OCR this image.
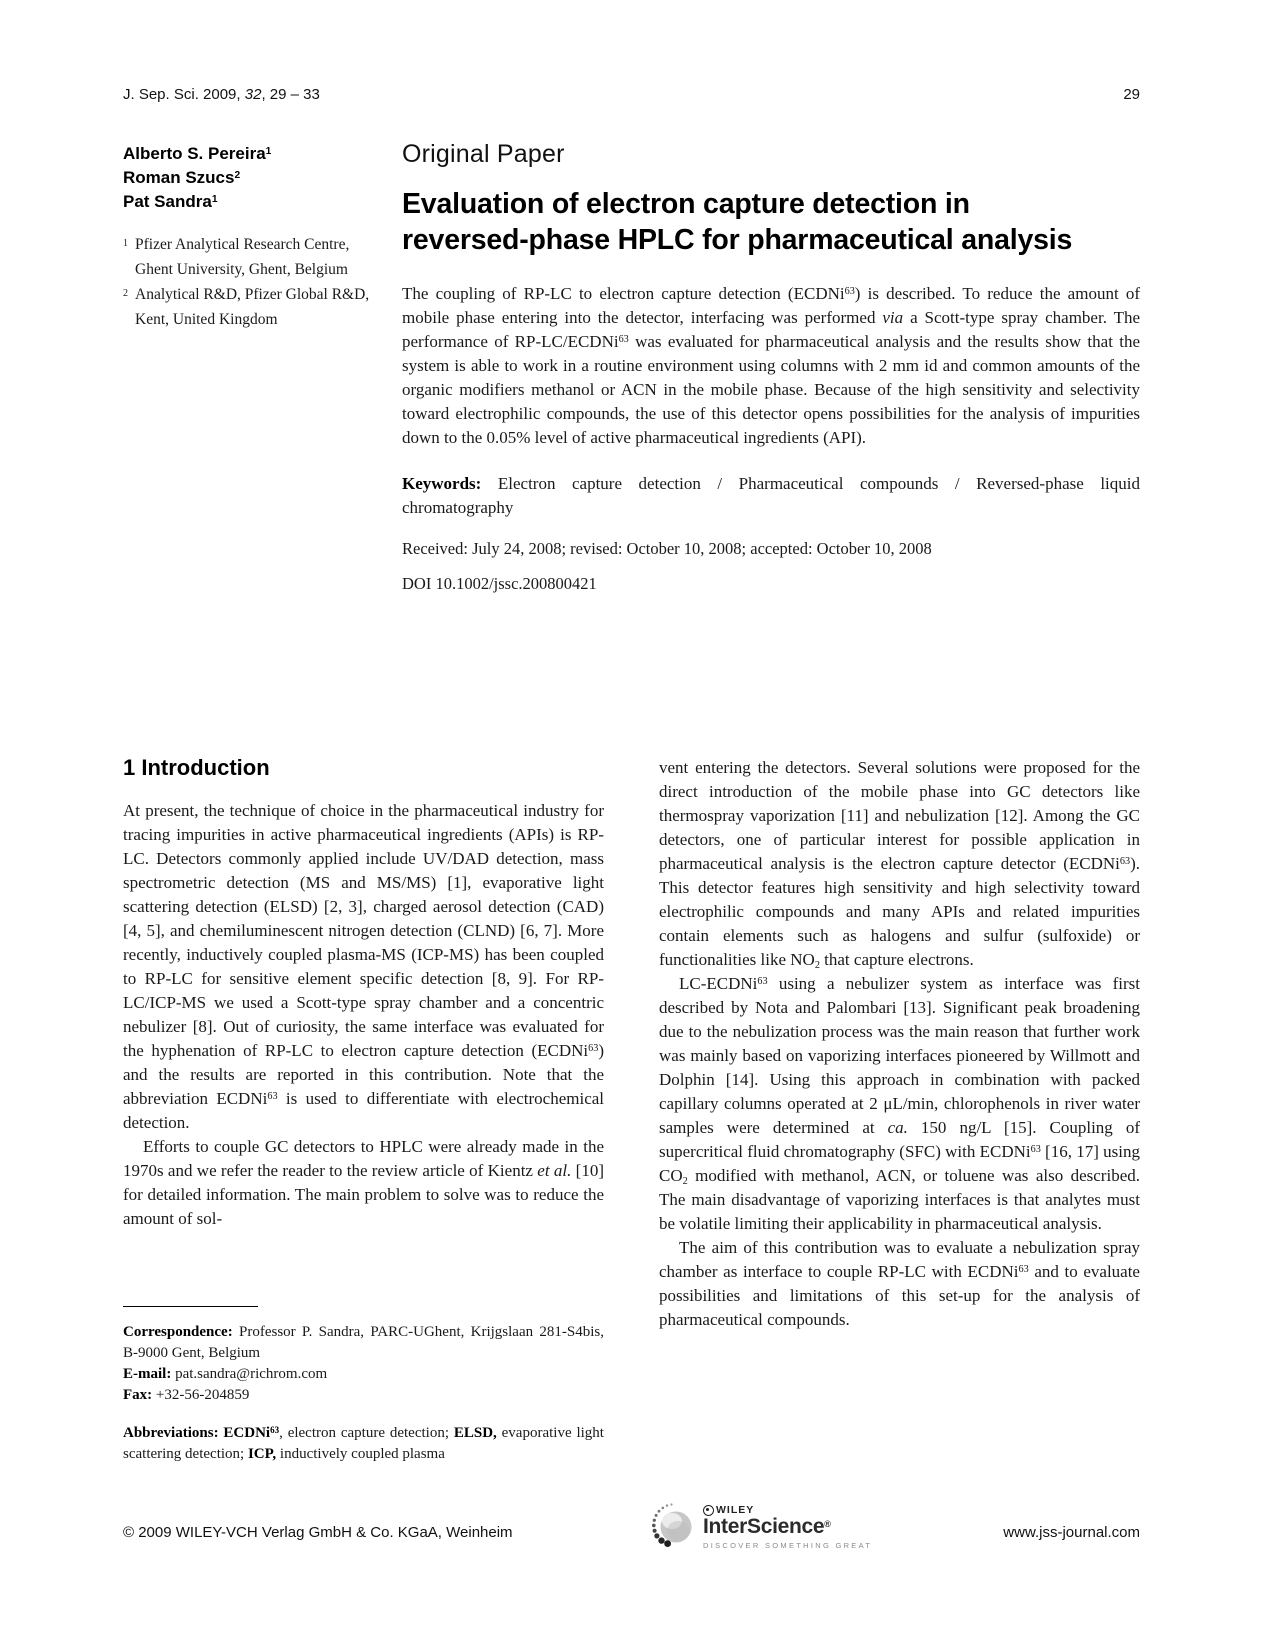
J. Sep. Sci. 2009, 32, 29 – 33	29
Alberto S. Pereira$^1$
Roman Szucs$^2$
Pat Sandra$^1$
1 Pfizer Analytical Research Centre, Ghent University, Ghent, Belgium
2 Analytical R&D, Pfizer Global R&D, Kent, United Kingdom
Original Paper
Evaluation of electron capture detection in
reversed-phase HPLC for pharmaceutical analysis
The coupling of RP-LC to electron capture detection (ECDNi$^{63}$) is described. To reduce the amount of mobile phase entering into the detector, interfacing was performed via a Scott-type spray chamber. The performance of RP-LC/ECDNi$^{63}$ was evaluated for pharmaceutical analysis and the results show that the system is able to work in a routine environment using columns with 2 mm id and common amounts of the organic modifiers methanol or ACN in the mobile phase. Because of the high sensitivity and selectivity toward electrophilic compounds, the use of this detector opens possibilities for the analysis of impurities down to the 0.05% level of active pharmaceutical ingredients (API).
Keywords: Electron capture detection / Pharmaceutical compounds / Reversed-phase liquid chromatography
Received: July 24, 2008; revised: October 10, 2008; accepted: October 10, 2008
DOI 10.1002/jssc.200800421
1 Introduction

At present, the technique of choice in the pharmaceutical industry for tracing impurities in active pharmaceutical ingredients (APIs) is RP-LC. Detectors commonly applied include UV/DAD detection, mass spectrometric detection (MS and MS/MS) [1], evaporative light scattering detection (ELSD) [2, 3], charged aerosol detection (CAD) [4, 5], and chemiluminescent nitrogen detection (CLND) [6, 7]. More recently, inductively coupled plasma-MS (ICP-MS) has been coupled to RP-LC for sensitive element specific detection [8, 9]. For RP-LC/ICP-MS we used a Scott-type spray chamber and a concentric nebulizer [8]. Out of curiosity, the same interface was evaluated for the hyphenation of RP-LC to electron capture detection (ECDNi$^{63}$) and the results are reported in this contribution. Note that the abbreviation ECDNi$^{63}$ is used to differentiate with electrochemical detection.

Efforts to couple GC detectors to HPLC were already made in the 1970s and we refer the reader to the review article of Kientz et al. [10] for detailed information. The main problem to solve was to reduce the amount of sol-

vent entering the detectors. Several solutions were proposed for the direct introduction of the mobile phase into GC detectors like thermospray vaporization [11] and nebulization [12]. Among the GC detectors, one of particular interest for possible application in pharmaceutical analysis is the electron capture detector (ECDNi$^{63}$). This detector features high sensitivity and high selectivity toward electrophilic compounds and many APIs and related impurities contain elements such as halogens and sulfur (sulfoxide) or functionalities like $NO_2$ that capture electrons.

LC-ECDNi$^{63}$ using a nebulizer system as interface was first described by Nota and Palombari [13]. Significant peak broadening due to the nebulization process was the main reason that further work was mainly based on vaporizing interfaces pioneered by Willmott and Dolphin [14]. Using this approach in combination with packed capillary columns operated at 2 μL/min, chlorophenols in river water samples were determined at ca. 150 ng/L [15]. Coupling of supercritical fluid chromatography (SFC) with ECDNi$^{63}$ [16, 17] using $CO_2$ modified with methanol, ACN, or toluene was also described. The main disadvantage of vaporizing interfaces is that analytes must be volatile limiting their applicability in pharmaceutical analysis.

The aim of this contribution was to evaluate a nebulization spray chamber as interface to couple RP-LC with ECDNi$^{63}$ and to evaluate possibilities and limitations of this set-up for the analysis of pharmaceutical compounds.

Correspondence: Professor P. Sandra, PARC-UGhent, Krijgslaan 281-S4bis, B-9000 Gent, Belgium

E-mail: pat.sandra@richrom.com

Fax: +32-56-204859

Abbreviations: ECDNi$^{63}$, electron capture detection; ELSD, evaporative light scattering detection; ICP, inductively coupled plasma

© 2009 WILEY-VCH Verlag GmbH & Co. KGaA, Weinheim
WILEY
InterScience®
DISCOVER SOMETHING GREAT
www.jss-journal.com
